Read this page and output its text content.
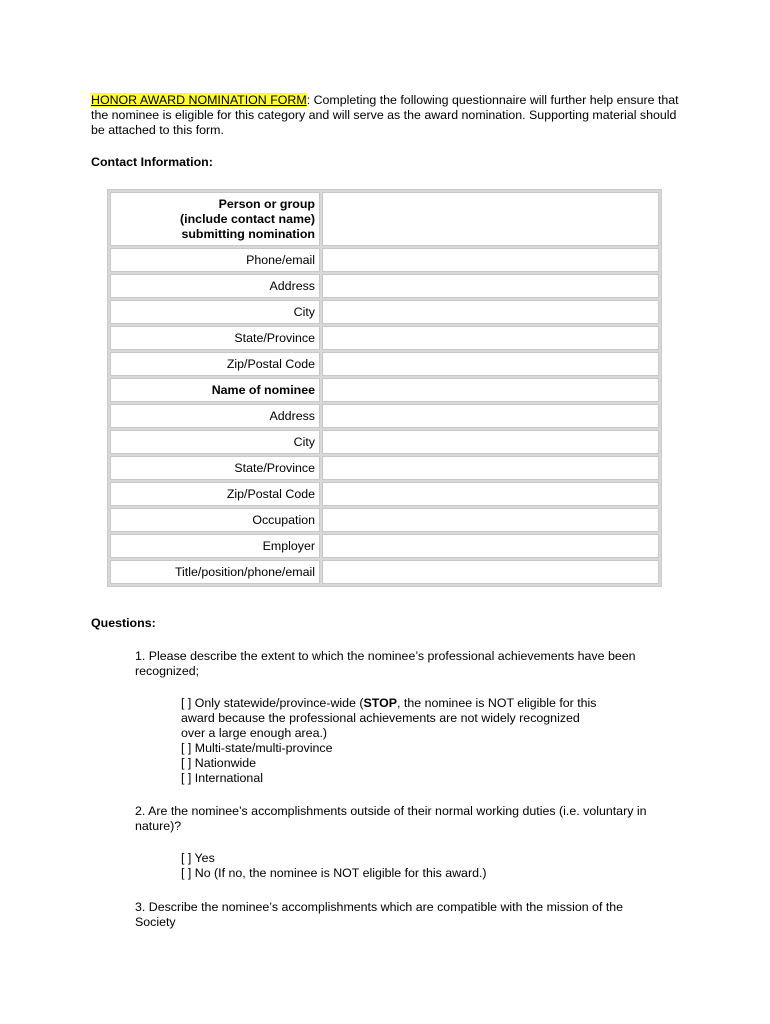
HONOR AWARD NOMINATION FORM: Completing the following questionnaire will further help ensure that the nominee is eligible for this category and will serve as the award nomination. Supporting material should be attached to this form.
Contact Information:
Person or group
(include contact name)
submitting nomination	
Phone/email	
Address	
City	
State/Province	
Zip/Postal Code	
Name of nominee	
Address	
City	
State/Province	
Zip/Postal Code	
Occupation	
Employer	
Title/position/phone/email	
Questions:
1. Please describe the extent to which the nominee’s professional achievements have been recognized;
[ ] Only statewide/province-wide (STOP, the nominee is NOT eligible for this award because the professional achievements are not widely recognized over a large enough area.)
[ ] Multi-state/multi-province
[ ] Nationwide
[ ] International
2. Are the nominee’s accomplishments outside of their normal working duties (i.e. voluntary in nature)?
[ ] Yes
[ ] No (If no, the nominee is NOT eligible for this award.)
3. Describe the nominee’s accomplishments which are compatible with the mission of the Society
